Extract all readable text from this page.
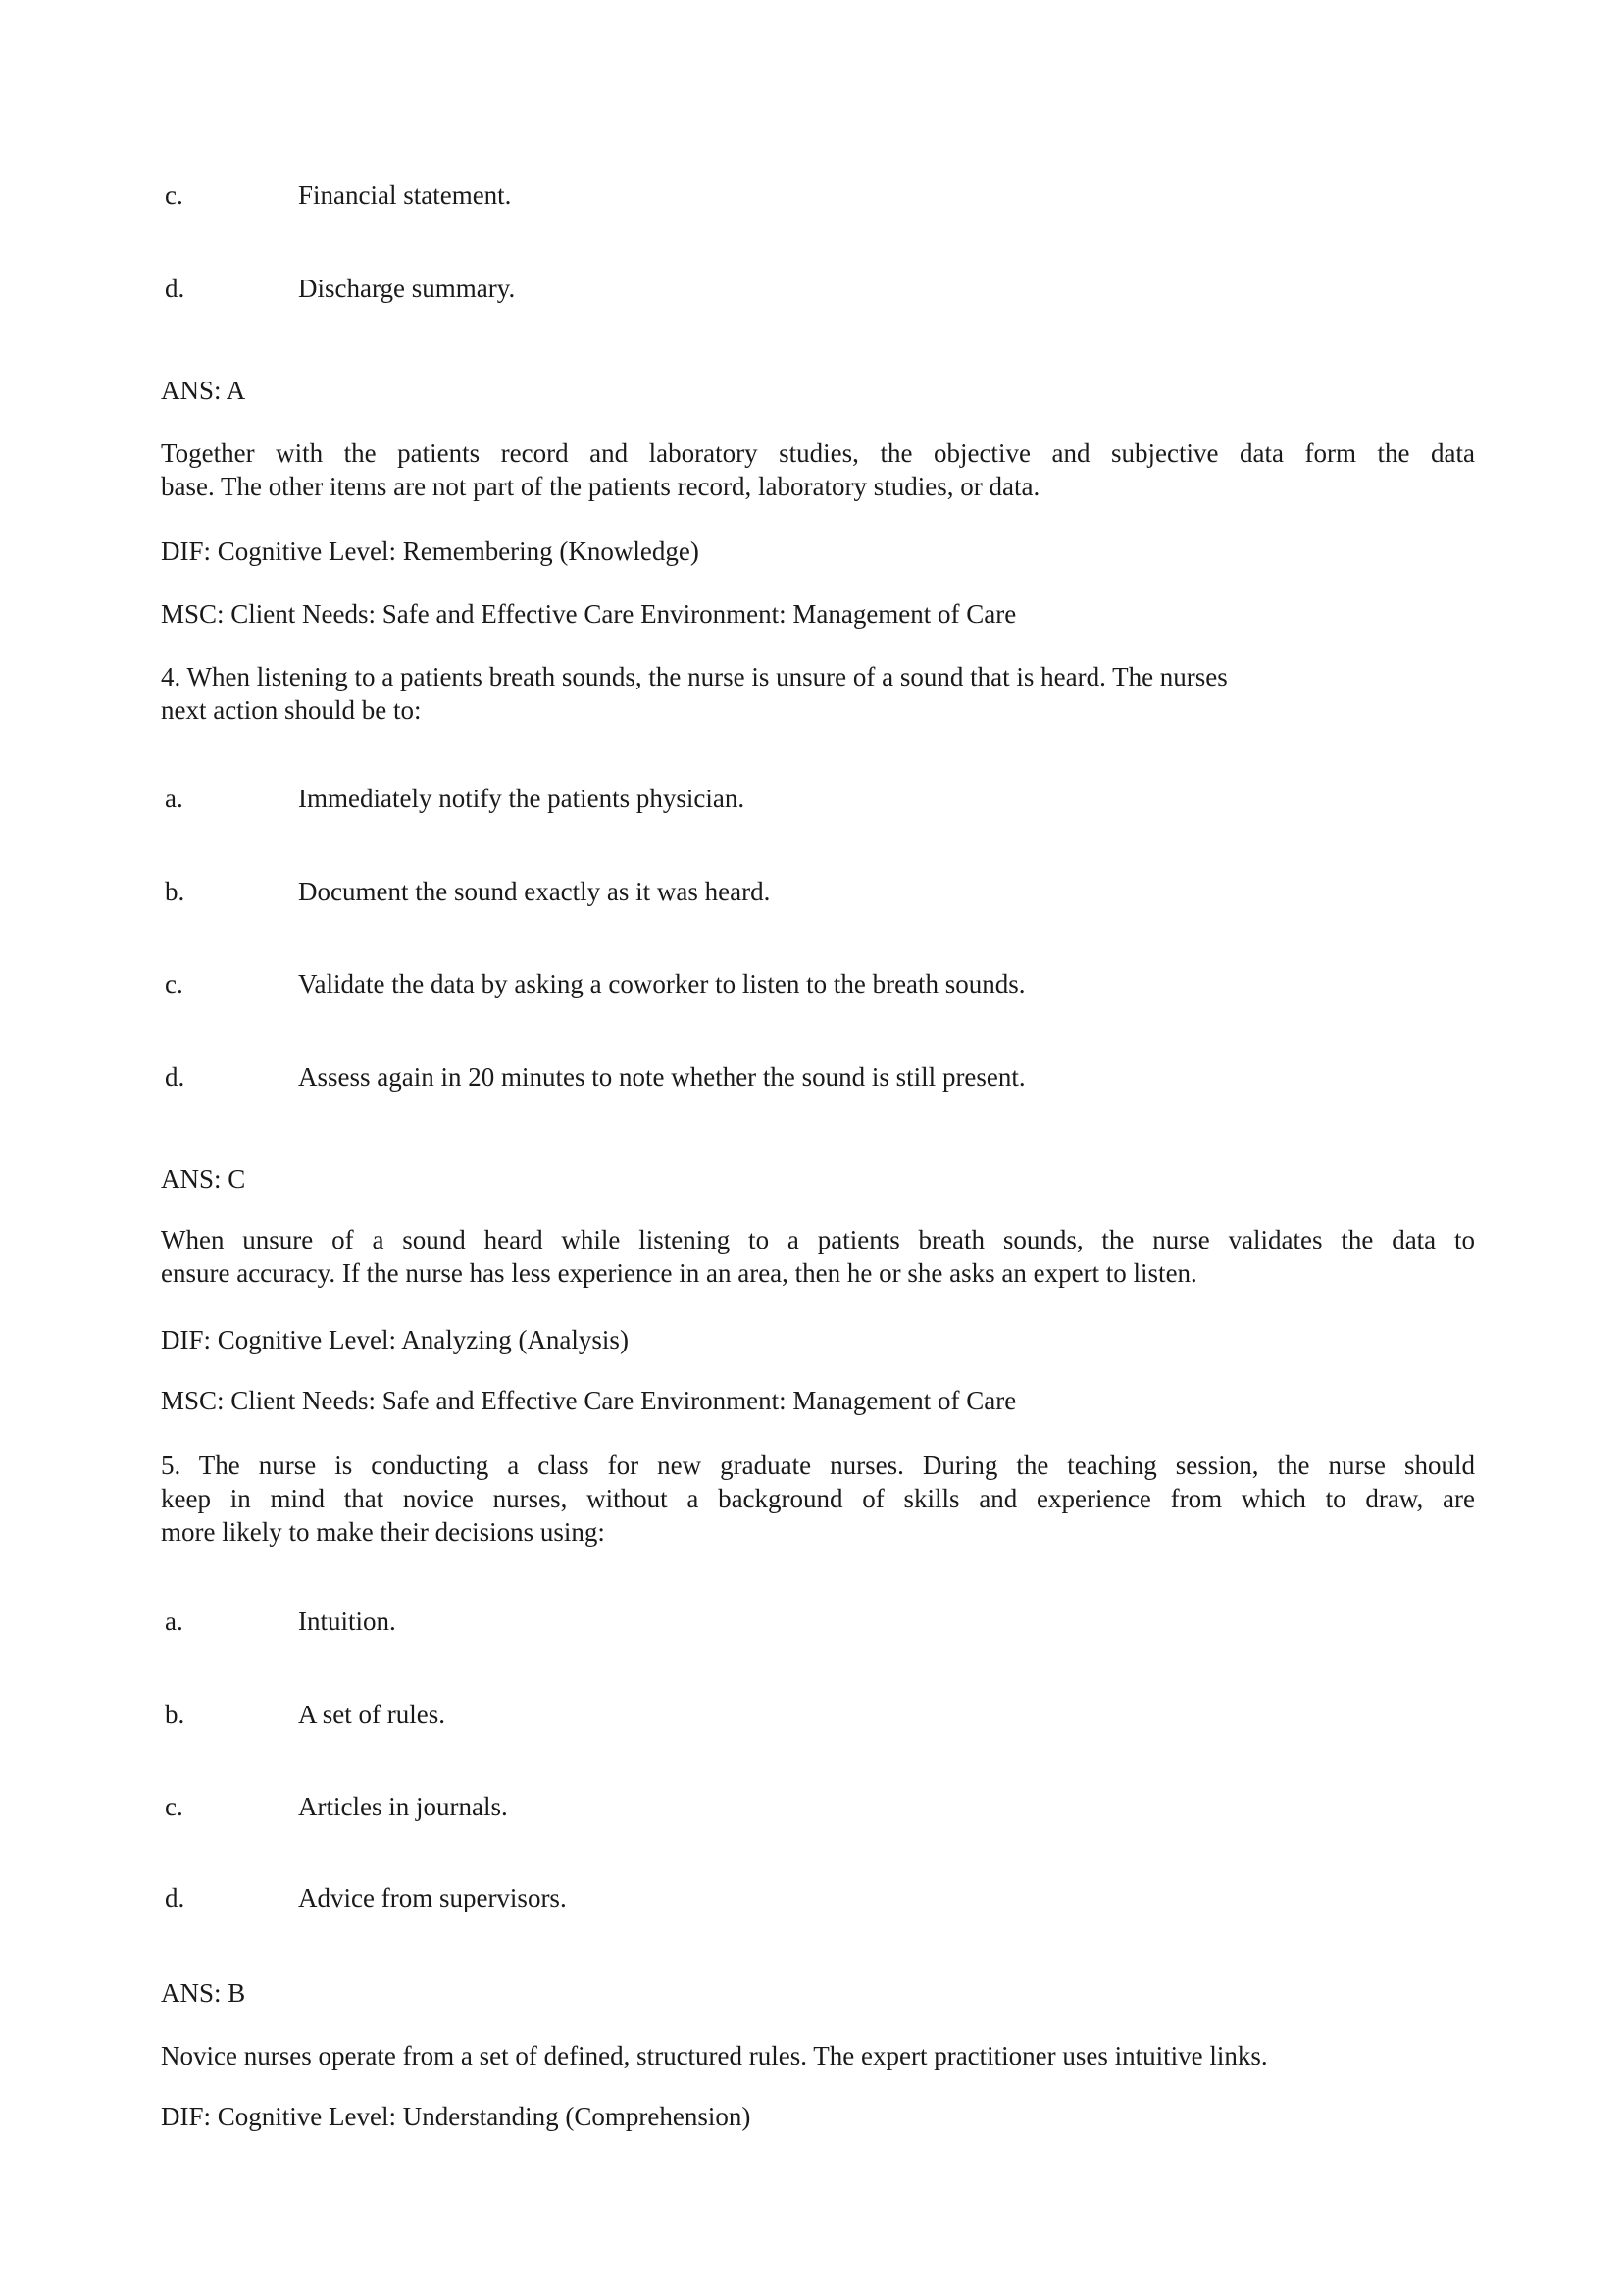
c.	Financial statement.
d.	Discharge summary.
ANS: A
Together with the patients record and laboratory studies, the objective and subjective data form the data
base. The other items are not part of the patients record, laboratory studies, or data.
DIF: Cognitive Level: Remembering (Knowledge)
MSC: Client Needs: Safe and Effective Care Environment: Management of Care
4. When listening to a patients breath sounds, the nurse is unsure of a sound that is heard. The nurses
next action should be to:
a.	Immediately notify the patients physician.
b.	Document the sound exactly as it was heard.
c.	Validate the data by asking a coworker to listen to the breath sounds.
d.	Assess again in 20 minutes to note whether the sound is still present.
ANS: C
When unsure of a sound heard while listening to a patients breath sounds, the nurse validates the data to
ensure accuracy. If the nurse has less experience in an area, then he or she asks an expert to listen.
DIF: Cognitive Level: Analyzing (Analysis)
MSC: Client Needs: Safe and Effective Care Environment: Management of Care
5. The nurse is conducting a class for new graduate nurses. During the teaching session, the nurse should
keep in mind that novice nurses, without a background of skills and experience from which to draw, are
more likely to make their decisions using:
a.	Intuition.
b.	A set of rules.
c.	Articles in journals.
d.	Advice from supervisors.
ANS: B
Novice nurses operate from a set of defined, structured rules. The expert practitioner uses intuitive links.
DIF: Cognitive Level: Understanding (Comprehension)
